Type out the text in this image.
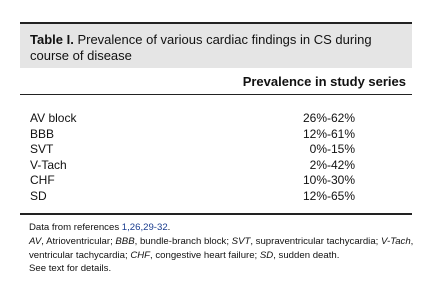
Table I. Prevalence of various cardiac findings in CS during course of disease
Prevalence in study series
AV block	26%-62%
BBB	12%-61%
SVT	0%-15%
V-Tach	2%-42%
CHF	10%-30%
SD	12%-65%
Data from references 1,26,29-32.
AV, Atrioventricular; BBB, bundle-branch block; SVT, supraventricular tachycardia; V-Tach, ventricular tachycardia; CHF, congestive heart failure; SD, sudden death.
See text for details.
